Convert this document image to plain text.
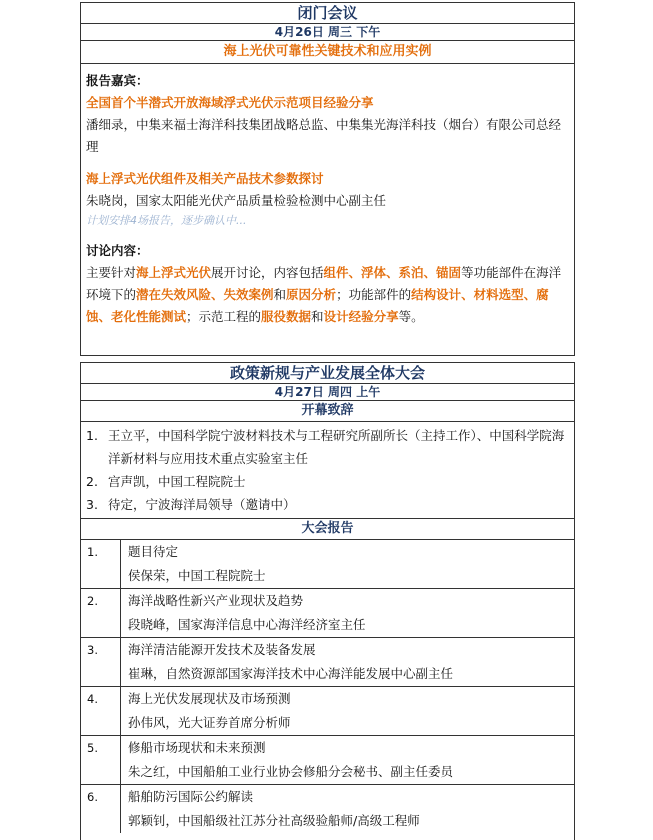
闭门会议
4月26日 周三 下午
海上光伏可靠性关键技术和应用实例
报告嘉宾：
全国首个半潜式开放海域浮式光伏示范项目经验分享
潘细录，中集来福士海洋科技集团战略总监、中集集光海洋科技（烟台）有限公司总经理
海上浮式光伏组件及相关产品技术参数探讨
朱晓岗，国家太阳能光伏产品质量检验检测中心副主任
计划安排4场报告，逐步确认中...
讨论内容：
主要针对海上浮式光伏展开讨论，内容包括组件、浮体、系泊、锚固等功能部件在海洋环境下的潜在失效风险、失效案例和原因分析；功能部件的结构设计、材料选型、腐蚀、老化性能测试；示范工程的服役数据和设计经验分享等。
政策新规与产业发展全体大会
4月27日 周四 上午
开幕致辞
1. 王立平，中国科学院宁波材料技术与工程研究所副所长（主持工作）、中国科学院海洋新材料与应用技术重点实验室主任
2. 宫声凯，中国工程院院士
3. 待定，宁波海洋局领导（邀请中）
大会报告
1.	题目待定
侯保荣，中国工程院院士
2.	海洋战略性新兴产业现状及趋势
段晓峰，国家海洋信息中心海洋经济室主任
3.	海洋清洁能源开发技术及装备发展
崔琳，自然资源部国家海洋技术中心海洋能发展中心副主任
4.	海上光伏发展现状及市场预测
孙伟风，光大证券首席分析师
5.	修船市场现状和未来预测
朱之红，中国船舶工业行业协会修船分会秘书、副主任委员
6.	船舶防污国际公约解读
郭颖钊，中国船级社江苏分社高级验船师/高级工程师
